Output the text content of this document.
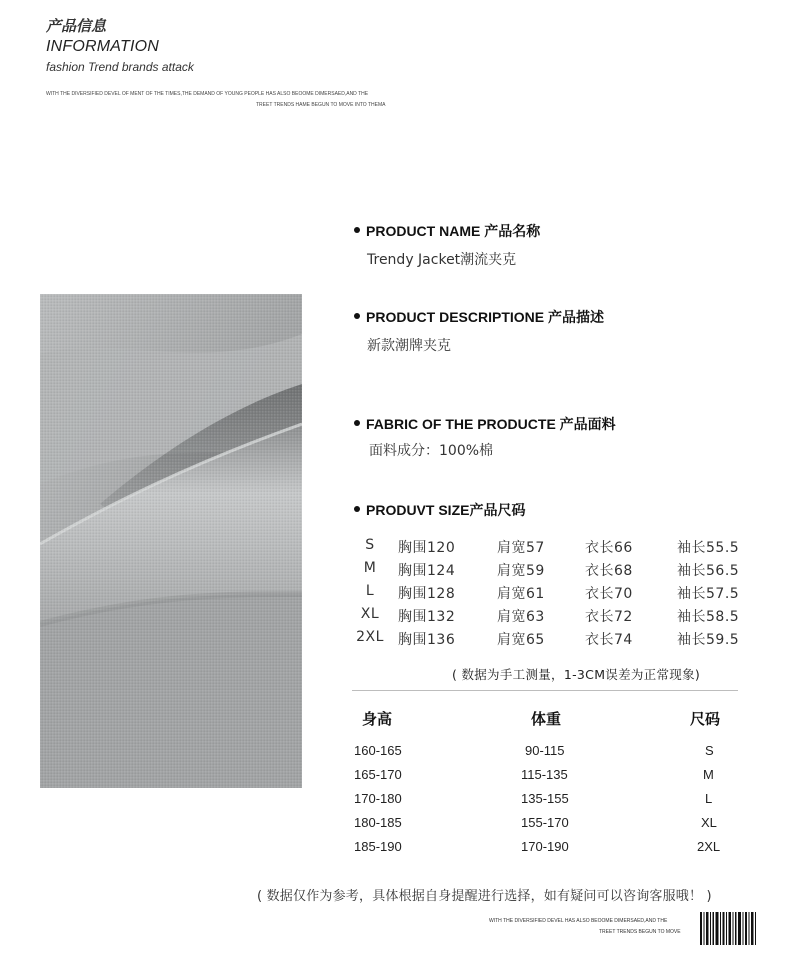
产品信息
INFORMATION
fashion Trend brands attack
WITH THE DIVERSIFIED DEVEL OF MENT OF THE TIMES,THE DEMAND OF YOUNG PEOPLE HAS ALSO BEOOME DIMERSAED,AND THE
TREET TRENDS HAME BEGUN TO MOVE INTO THEMA
PRODUCT NAME 产品名称
Trendy Jacket潮流夹克
PRODUCT DESCRIPTIONE 产品描述
新款潮牌夹克
FABRIC OF THE PRODUCTE 产品面料
面料成分：100%棉
PRODUVT SIZE产品尺码
S	胸围120	肩宽57	衣长66	袖长55.5
M	胸围124	肩宽59	衣长68	袖长56.5
L	胸围128	肩宽61	衣长70	袖长57.5
XL	胸围132	肩宽63	衣长72	袖长58.5
2XL 胸围136	肩宽65	衣长74	袖长59.5
( 数据为手工测量，1-3CM误差为正常现象)
身高	体重	尺码
160-165	90-115	S
165-170	115-135	M
170-180	135-155	L
180-185	155-170	XL
185-190	170-190	2XL
( 数据仅作为参考，具体根据自身提醒进行选择，如有疑问可以咨询客服哦！ )
WITH THE DIVERSIFIED DEVEL HAS ALSO BEOOME DIMERSAED,AND THE
TREET TRENDS BEGUN TO MOVE
